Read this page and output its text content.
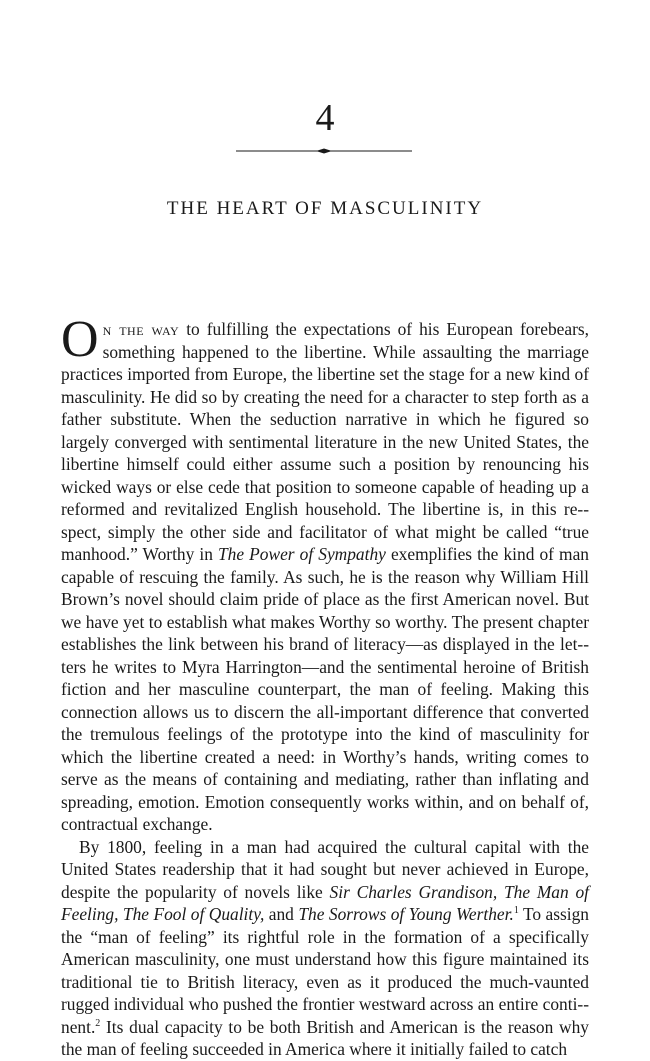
4
THE HEART OF MASCULINITY

On the way to fulfilling the expectations of his European forebears, something happened to the libertine. While assaulting the marriage practices imported from Europe, the libertine set the stage for a new kind of masculinity. He did so by creating the need for a character to step forth as a father substitute. When the seduction narrative in which he figured so largely converged with sentimental literature in the new United States, the libertine himself could either assume such a position by renouncing his wicked ways or else cede that position to someone capable of heading up a reformed and revitalized English household. The libertine is, in this re-spect, simply the other side and facilitator of what might be called “true manhood.” Worthy in The Power of Sympathy exemplifies the kind of man capable of rescuing the family. As such, he is the reason why William Hill Brown’s novel should claim pride of place as the first American novel. But we have yet to establish what makes Worthy so worthy. The present chapter establishes the link between his brand of literacy—as displayed in the let-ters he writes to Myra Harrington—and the sentimental heroine of British fiction and her masculine counterpart, the man of feeling. Making this connection allows us to discern the all-important difference that converted the tremulous feelings of the prototype into the kind of masculinity for which the libertine created a need: in Worthy’s hands, writing comes to serve as the means of containing and mediating, rather than inflating and spreading, emotion. Emotion consequently works within, and on behalf of, contractual exchange.

By 1800, feeling in a man had acquired the cultural capital with the United States readership that it had sought but never achieved in Europe, despite the popularity of novels like Sir Charles Grandison, The Man of Feeling, The Fool of Quality, and The Sorrows of Young Werther.$^1$ To assign the “man of feeling” its rightful role in the formation of a specifically American masculinity, one must understand how this figure maintained its traditional tie to British literacy, even as it produced the much-vaunted rugged individual who pushed the frontier westward across an entire conti-nent.$^2$ Its dual capacity to be both British and American is the reason why the man of feeling succeeded in America where it initially failed to catch
